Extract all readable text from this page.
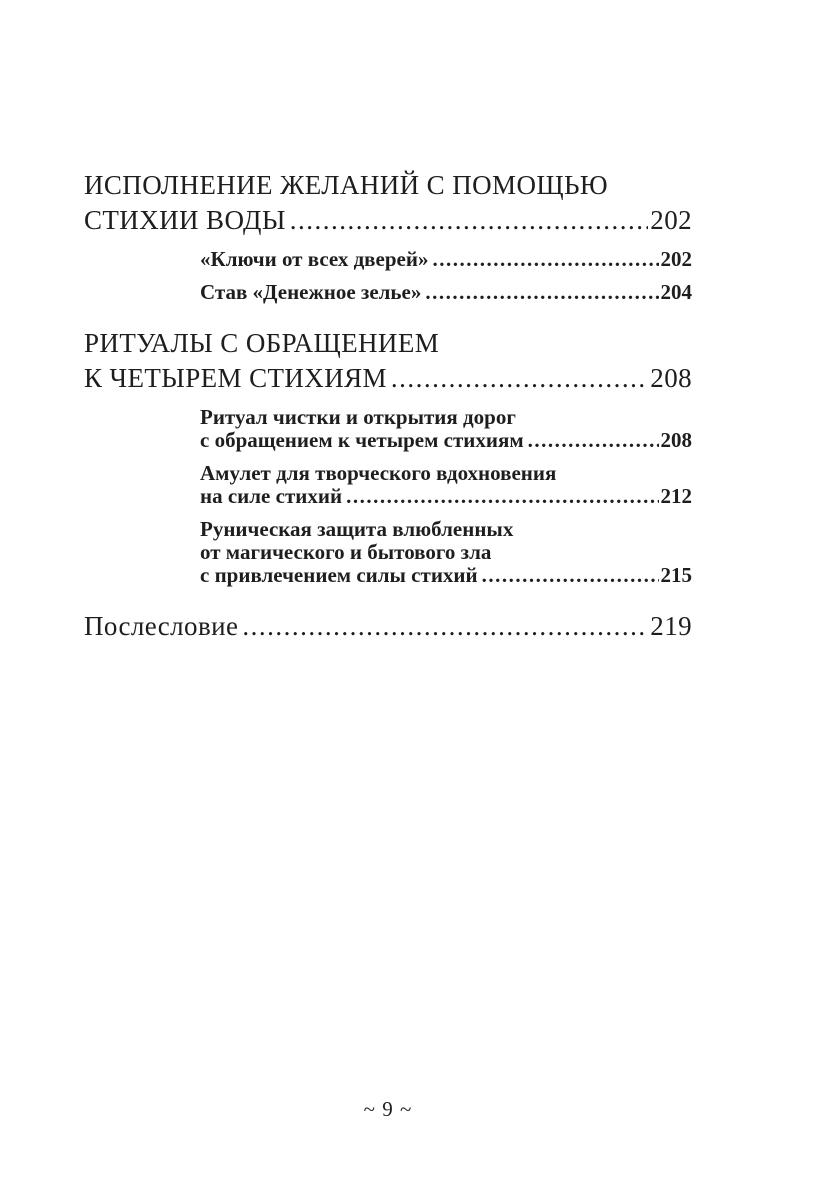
ИСПОЛНЕНИЕ ЖЕЛАНИЙ С ПОМОЩЬЮ
СТИХИИ ВОДЫ .....	202
«Ключи от всех дверей» .....	202
Став «Денежное зелье» .....	204
РИТУАЛЫ С ОБРАЩЕНИЕМ
К ЧЕТЫРЕМ СТИХИЯМ .....	208
Ритуал чистки и открытия дорог
с обращением к четырем стихиям .....	208
Амулет для творческого вдохновения
на силе стихий .....	212
Руническая защита влюбленных
от магического и бытового зла
с привлечением силы стихий .....	215
Послесловие .....	219
~ 9 ~
